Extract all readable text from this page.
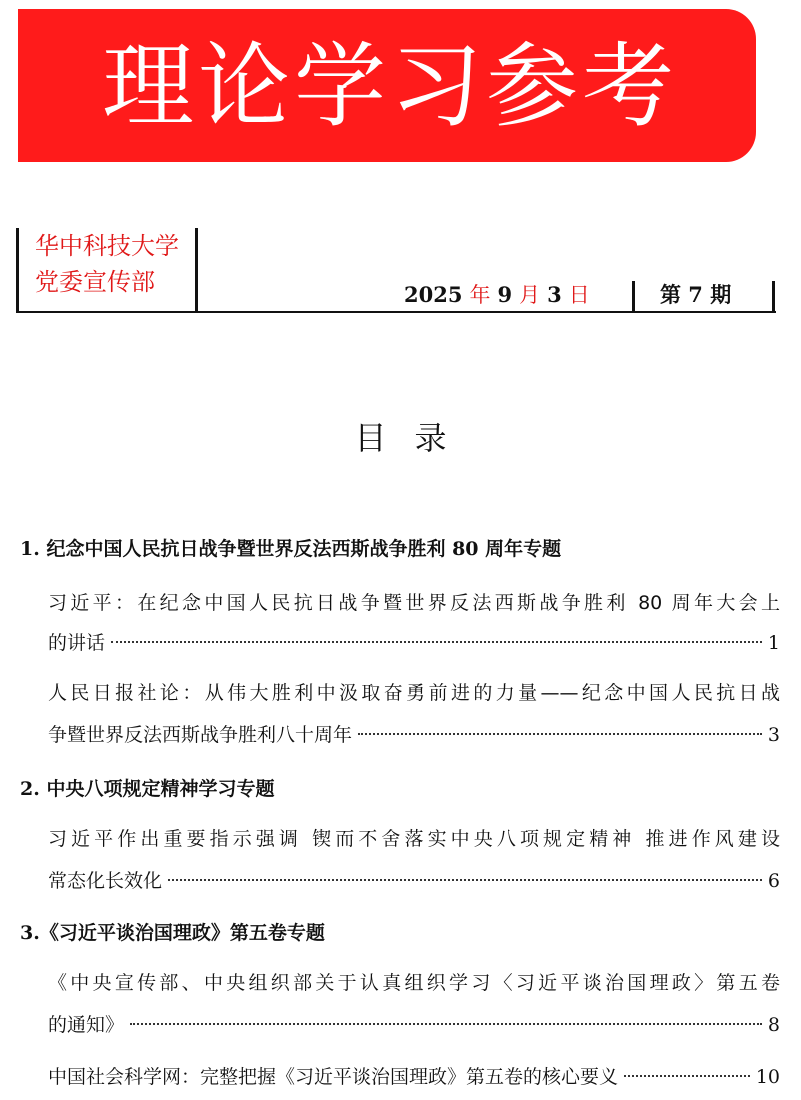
理论学习参考
华中科技大学
党委宣传部	2025 年 9 月 3 日	第 7 期
目录
1. 纪念中国人民抗日战争暨世界反法西斯战争胜利 80 周年专题
习近平：在纪念中国人民抗日战争暨世界反法西斯战争胜利 80 周年大会上
的讲话	1
人民日报社论：从伟大胜利中汲取奋勇前进的力量——纪念中国人民抗日战
争暨世界反法西斯战争胜利八十周年	3
2. 中央八项规定精神学习专题
习近平作出重要指示强调 锲而不舍落实中央八项规定精神 推进作风建设
常态化长效化	6
3.《习近平谈治国理政》第五卷专题
《中央宣传部、中央组织部关于认真组织学习〈习近平谈治国理政〉第五卷
的通知》	8
中国社会科学网：完整把握《习近平谈治国理政》第五卷的核心要义	10
